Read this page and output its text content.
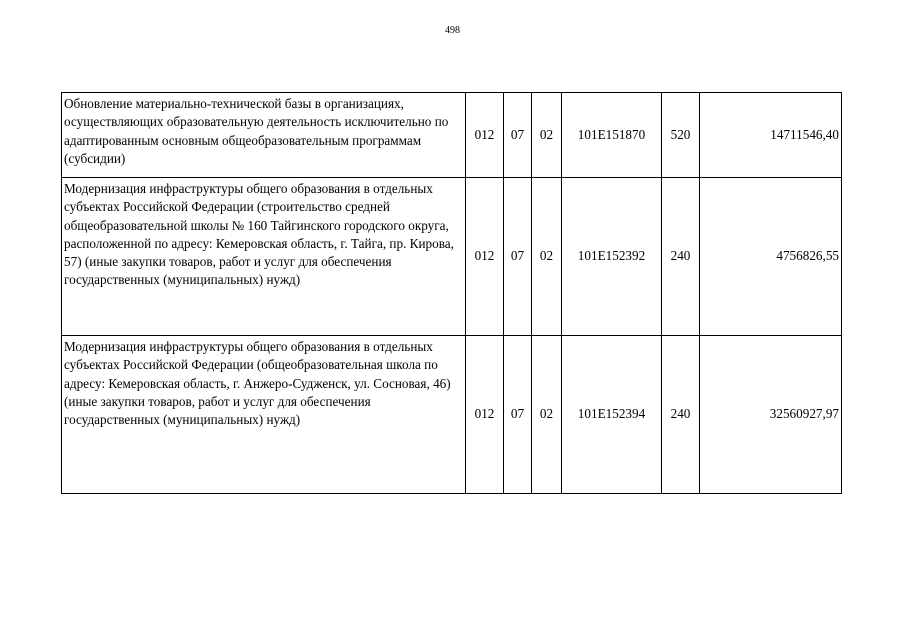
498
Обновление материально-технической базы в организациях, осуществляющих образовательную деятельность исключительно по адаптированным основным общеобразовательным программам (субсидии)	012	07	02	101E151870	520	14711546,40
Модернизация инфраструктуры общего образования в отдельных субъектах Российской Федерации (строительство средней общеобразовательной школы № 160 Тайгинского городского округа, расположенной по адресу: Кемеровская область, г. Тайга, пр. Кирова, 57) (иные закупки товаров, работ и услуг для обеспечения государственных (муниципальных) нужд)	012	07	02	101E152392	240	4756826,55
Модернизация инфраструктуры общего образования в отдельных субъектах Российской Федерации (общеобразовательная школа по адресу: Кемеровская область, г. Анжеро-Судженск, ул. Сосновая, 46) (иные закупки товаров, работ и услуг для обеспечения государственных (муниципальных) нужд)	012	07	02	101E152394	240	32560927,97
